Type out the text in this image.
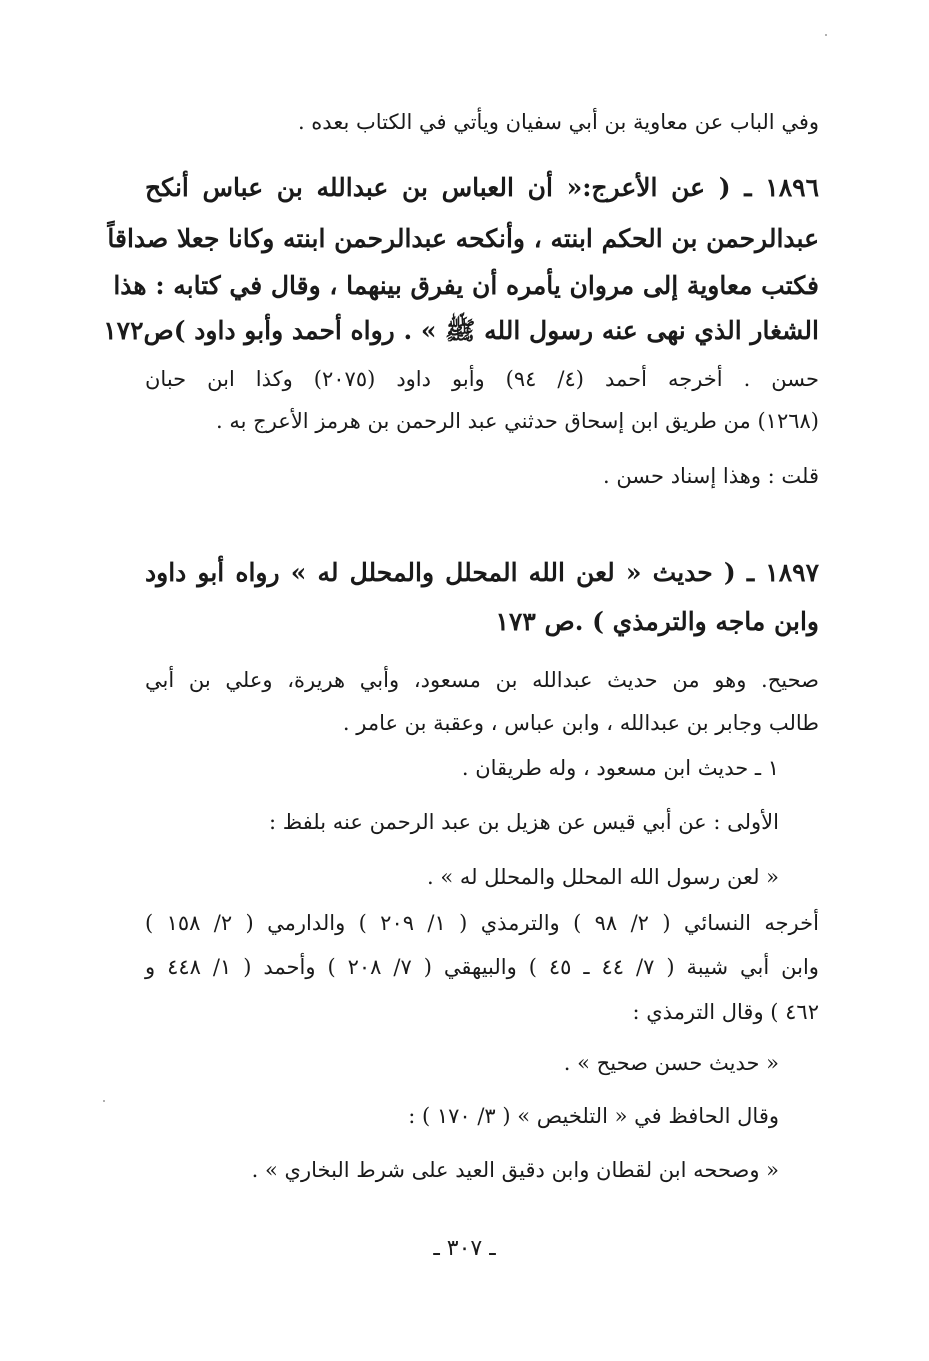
وفي الباب عن معاوية بن أبي سفيان ويأتي في الكتاب بعده .
١٨٩٦ ـ ( عن الأعرج:« أن العباس بن عبدالله بن عباس أنكح
عبدالرحمن بن الحكم ابنته ، وأنكحه عبدالرحمن ابنته وكانا جعلا صداقاً
فكتب معاوية إلى مروان يأمره أن يفرق بينهما ، وقال في كتابه : هذا
الشغار الذي نهى عنه رسول الله ﷺ » . رواه أحمد وأبو داود )ص١٧٢
حسن . أخرجه أحمد (٤/ ٩٤) وأبو داود (٢٠٧٥) وكذا ابن حبان
(١٢٦٨) من طريق ابن إسحاق حدثني عبد الرحمن بن هرمز الأعرج به .
قلت : وهذا إسناد حسن .
١٨٩٧ ـ ( حديث « لعن الله المحلل والمحلل له » رواه أبو داود
وابن ماجه والترمذي ) .ص ١٧٣
صحيح. وهو من حديث عبدالله بن مسعود، وأبي هريرة، وعلي بن أبي
طالب وجابر بن عبدالله ، وابن عباس ، وعقبة بن عامر .
١ ـ حديث ابن مسعود ، وله طريقان .
الأولى : عن أبي قيس عن هزيل بن عبد الرحمن عنه بلفظ :
« لعن رسول الله المحلل والمحلل له » .
أخرجه النسائي ( ٢/ ٩٨ ) والترمذي ( ١/ ٢٠٩ ) والدارمي ( ٢/ ١٥٨ )
وابن أبي شيبة ( ٧/ ٤٤ ـ ٤٥ ) والبيهقي ( ٧/ ٢٠٨ ) وأحمد ( ١/ ٤٤٨ و
٤٦٢ ) وقال الترمذي :
« حديث حسن صحيح » .
وقال الحافظ في « التلخيص » ( ٣/ ١٧٠ ) :
« وصححه ابن لقطان وابن دقيق العيد على شرط البخاري » .
ـ ٣٠٧ ـ
